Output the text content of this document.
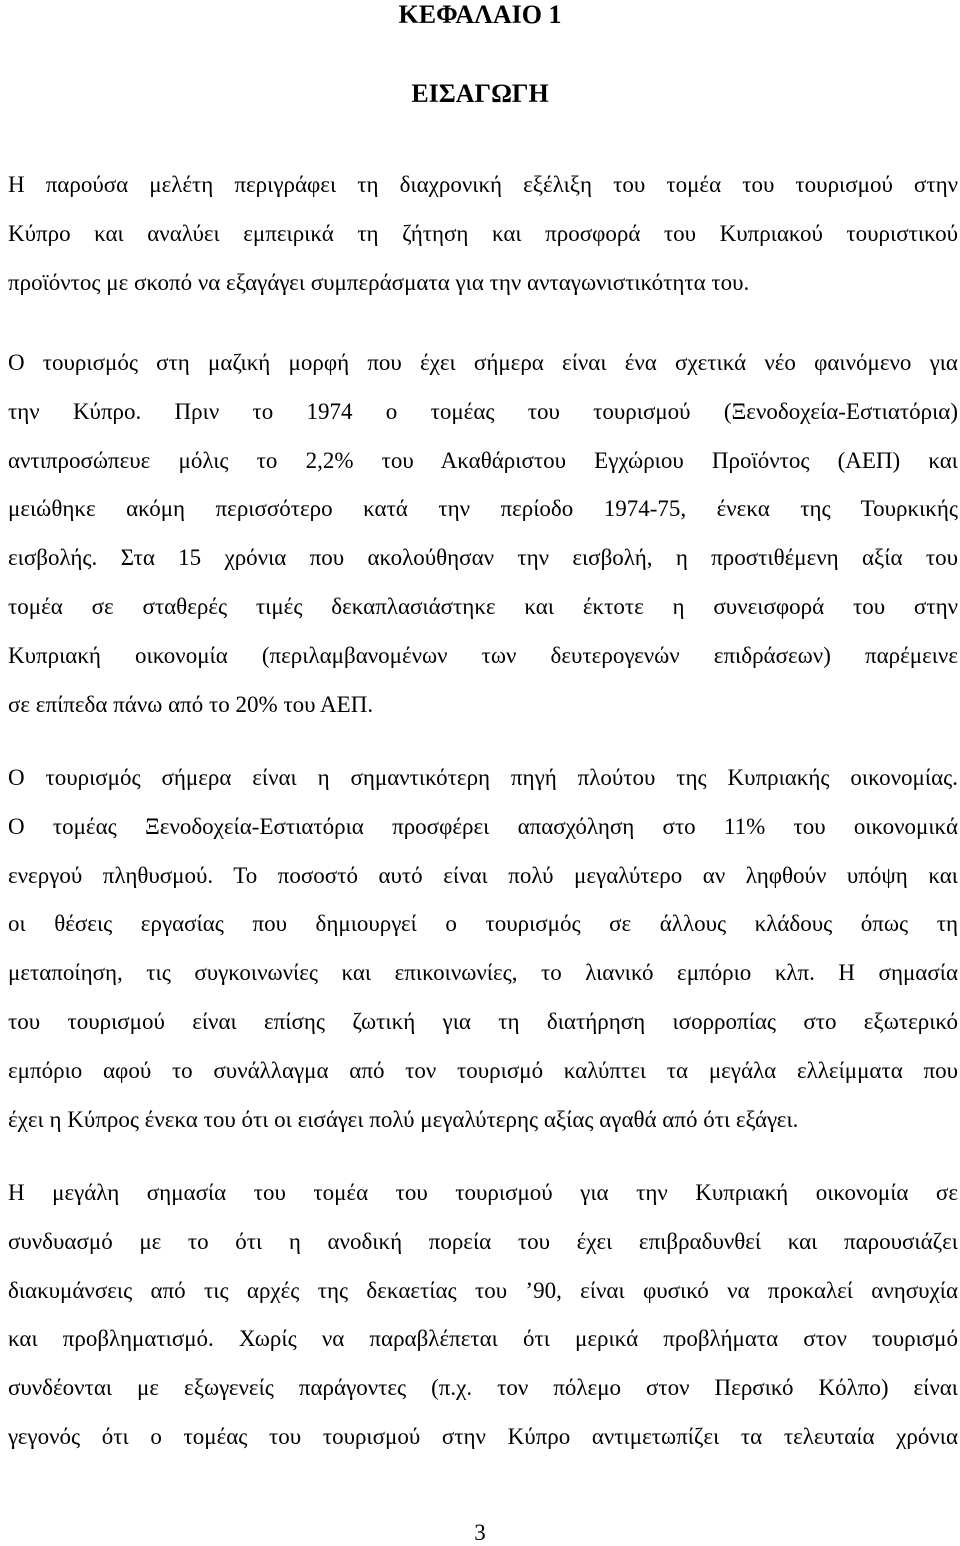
ΚΕΦΑΛΑΙΟ 1
ΕΙΣΑΓΩΓΗ
Η παρούσα μελέτη περιγράφει τη διαχρονική εξέλιξη του τομέα του τουρισμού στην
Κύπρο και αναλύει εμπειρικά τη ζήτηση και προσφορά του Κυπριακού τουριστικού
προϊόντος με σκοπό να εξαγάγει συμπεράσματα για την ανταγωνιστικότητα του.
Ο τουρισμός στη μαζική μορφή που έχει σήμερα είναι ένα σχετικά νέο φαινόμενο για
την Κύπρο. Πριν το 1974 ο τομέας του τουρισμού (Ξενοδοχεία-Εστιατόρια)
αντιπροσώπευε μόλις το 2,2% του Ακαθάριστου Εγχώριου Προϊόντος (ΑΕΠ) και
μειώθηκε ακόμη περισσότερο κατά την περίοδο 1974-75, ένεκα της Τουρκικής
εισβολής. Στα 15 χρόνια που ακολούθησαν την εισβολή, η προστιθέμενη αξία του
τομέα σε σταθερές τιμές δεκαπλασιάστηκε και έκτοτε η συνεισφορά του στην
Κυπριακή οικονομία (περιλαμβανομένων των δευτερογενών επιδράσεων) παρέμεινε
σε επίπεδα πάνω από το 20% του ΑΕΠ.
Ο τουρισμός σήμερα είναι η σημαντικότερη πηγή πλούτου της Κυπριακής οικονομίας.
Ο τομέας Ξενοδοχεία-Εστιατόρια προσφέρει απασχόληση στο 11% του οικονομικά
ενεργού πληθυσμού. Το ποσοστό αυτό είναι πολύ μεγαλύτερο αν ληφθούν υπόψη και
οι θέσεις εργασίας που δημιουργεί ο τουρισμός σε άλλους κλάδους όπως τη
μεταποίηση, τις συγκοινωνίες και επικοινωνίες, το λιανικό εμπόριο κλπ. Η σημασία
του τουρισμού είναι επίσης ζωτική για τη διατήρηση ισορροπίας στο εξωτερικό
εμπόριο αφού το συνάλλαγμα από τον τουρισμό καλύπτει τα μεγάλα ελλείμματα που
έχει η Κύπρος ένεκα του ότι οι εισάγει πολύ μεγαλύτερης αξίας αγαθά από ότι εξάγει.
Η μεγάλη σημασία του τομέα του τουρισμού για την Κυπριακή οικονομία σε
συνδυασμό με το ότι η ανοδική πορεία του έχει επιβραδυνθεί και παρουσιάζει
διακυμάνσεις από τις αρχές της δεκαετίας του ’90, είναι φυσικό να προκαλεί ανησυχία
και προβληματισμό. Χωρίς να παραβλέπεται ότι μερικά προβλήματα στον τουρισμό
συνδέονται με εξωγενείς παράγοντες (π.χ. τον πόλεμο στον Περσικό Κόλπο) είναι
γεγονός ότι ο τομέας του τουρισμού στην Κύπρο αντιμετωπίζει τα τελευταία χρόνια
3
